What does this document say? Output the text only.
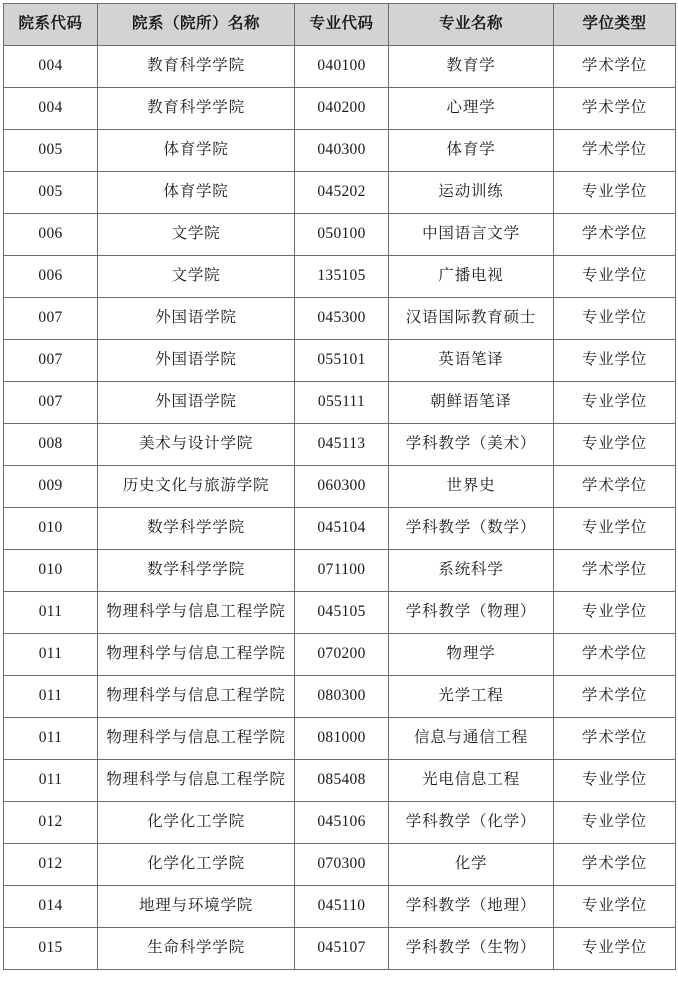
院系代码	院系（院所）名称	专业代码	专业名称	学位类型
004	教育科学学院	040100	教育学	学术学位
004	教育科学学院	040200	心理学	学术学位
005	体育学院	040300	体育学	学术学位
005	体育学院	045202	运动训练	专业学位
006	文学院	050100	中国语言文学	学术学位
006	文学院	135105	广播电视	专业学位
007	外国语学院	045300	汉语国际教育硕士	专业学位
007	外国语学院	055101	英语笔译	专业学位
007	外国语学院	055111	朝鲜语笔译	专业学位
008	美术与设计学院	045113	学科教学（美术）	专业学位
009	历史文化与旅游学院	060300	世界史	学术学位
010	数学科学学院	045104	学科教学（数学）	专业学位
010	数学科学学院	071100	系统科学	学术学位
011	物理科学与信息工程学院	045105	学科教学（物理）	专业学位
011	物理科学与信息工程学院	070200	物理学	学术学位
011	物理科学与信息工程学院	080300	光学工程	学术学位
011	物理科学与信息工程学院	081000	信息与通信工程	学术学位
011	物理科学与信息工程学院	085408	光电信息工程	专业学位
012	化学化工学院	045106	学科教学（化学）	专业学位
012	化学化工学院	070300	化学	学术学位
014	地理与环境学院	045110	学科教学（地理）	专业学位
015	生命科学学院	045107	学科教学（生物）	专业学位
